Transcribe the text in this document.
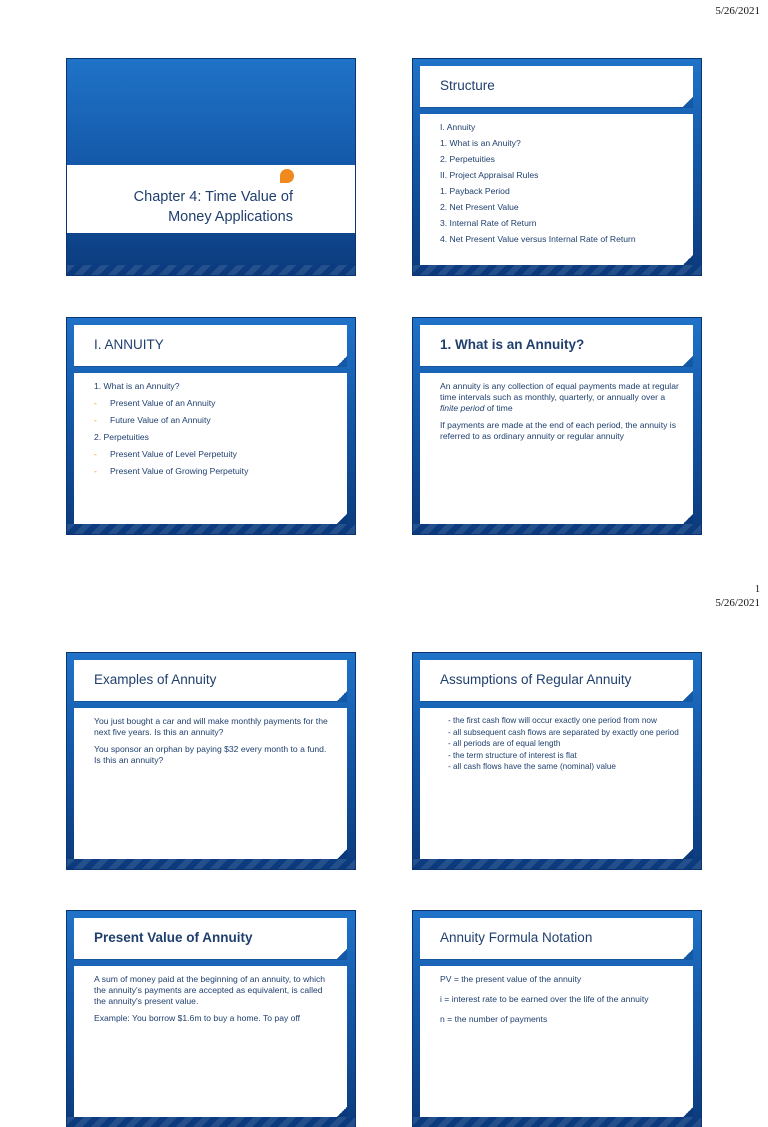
5/26/2021
Chapter 4: Time Value of
Money Applications
Structure
I. Annuity
1. What is an Anuity?
2. Perpetuities
II. Project Appraisal Rules
1. Payback Period
2. Net Present Value
3. Internal Rate of Return
4. Net Present Value versus Internal Rate of Return
I. ANNUITY
1. What is an Annuity?
- Present Value of an Annuity
- Future Value of an Annuity
2. Perpetuities
- Present Value of Level Perpetuity
- Present Value of Growing Perpetuity
1. What is an Annuity?

An annuity is any collection of equal payments made at regular time intervals such as monthly, quarterly, or annually over a finite period of time

If payments are made at the end of each period, the annuity is referred to as ordinary annuity or regular annuity

1
5/26/2021
Examples of Annuity

You just bought a car and will make monthly payments for the next five years. Is this an annuity?

You sponsor an orphan by paying $32 every month to a fund. Is this an annuity?

Assumptions of Regular Annuity
- the first cash flow will occur exactly one period from now
- all subsequent cash flows are separated by exactly one period
- all periods are of equal length
- the term structure of interest is flat
- all cash flows have the same (nominal) value
Present Value of Annuity

A sum of money paid at the beginning of an annuity, to which the annuity's payments are accepted as equivalent, is called the annuity's present value.

Example: You borrow $1.6m to buy a home. To pay off

Annuity Formula Notation

PV = the present value of the annuity

i = interest rate to be earned over the life of the annuity

n = the number of payments
